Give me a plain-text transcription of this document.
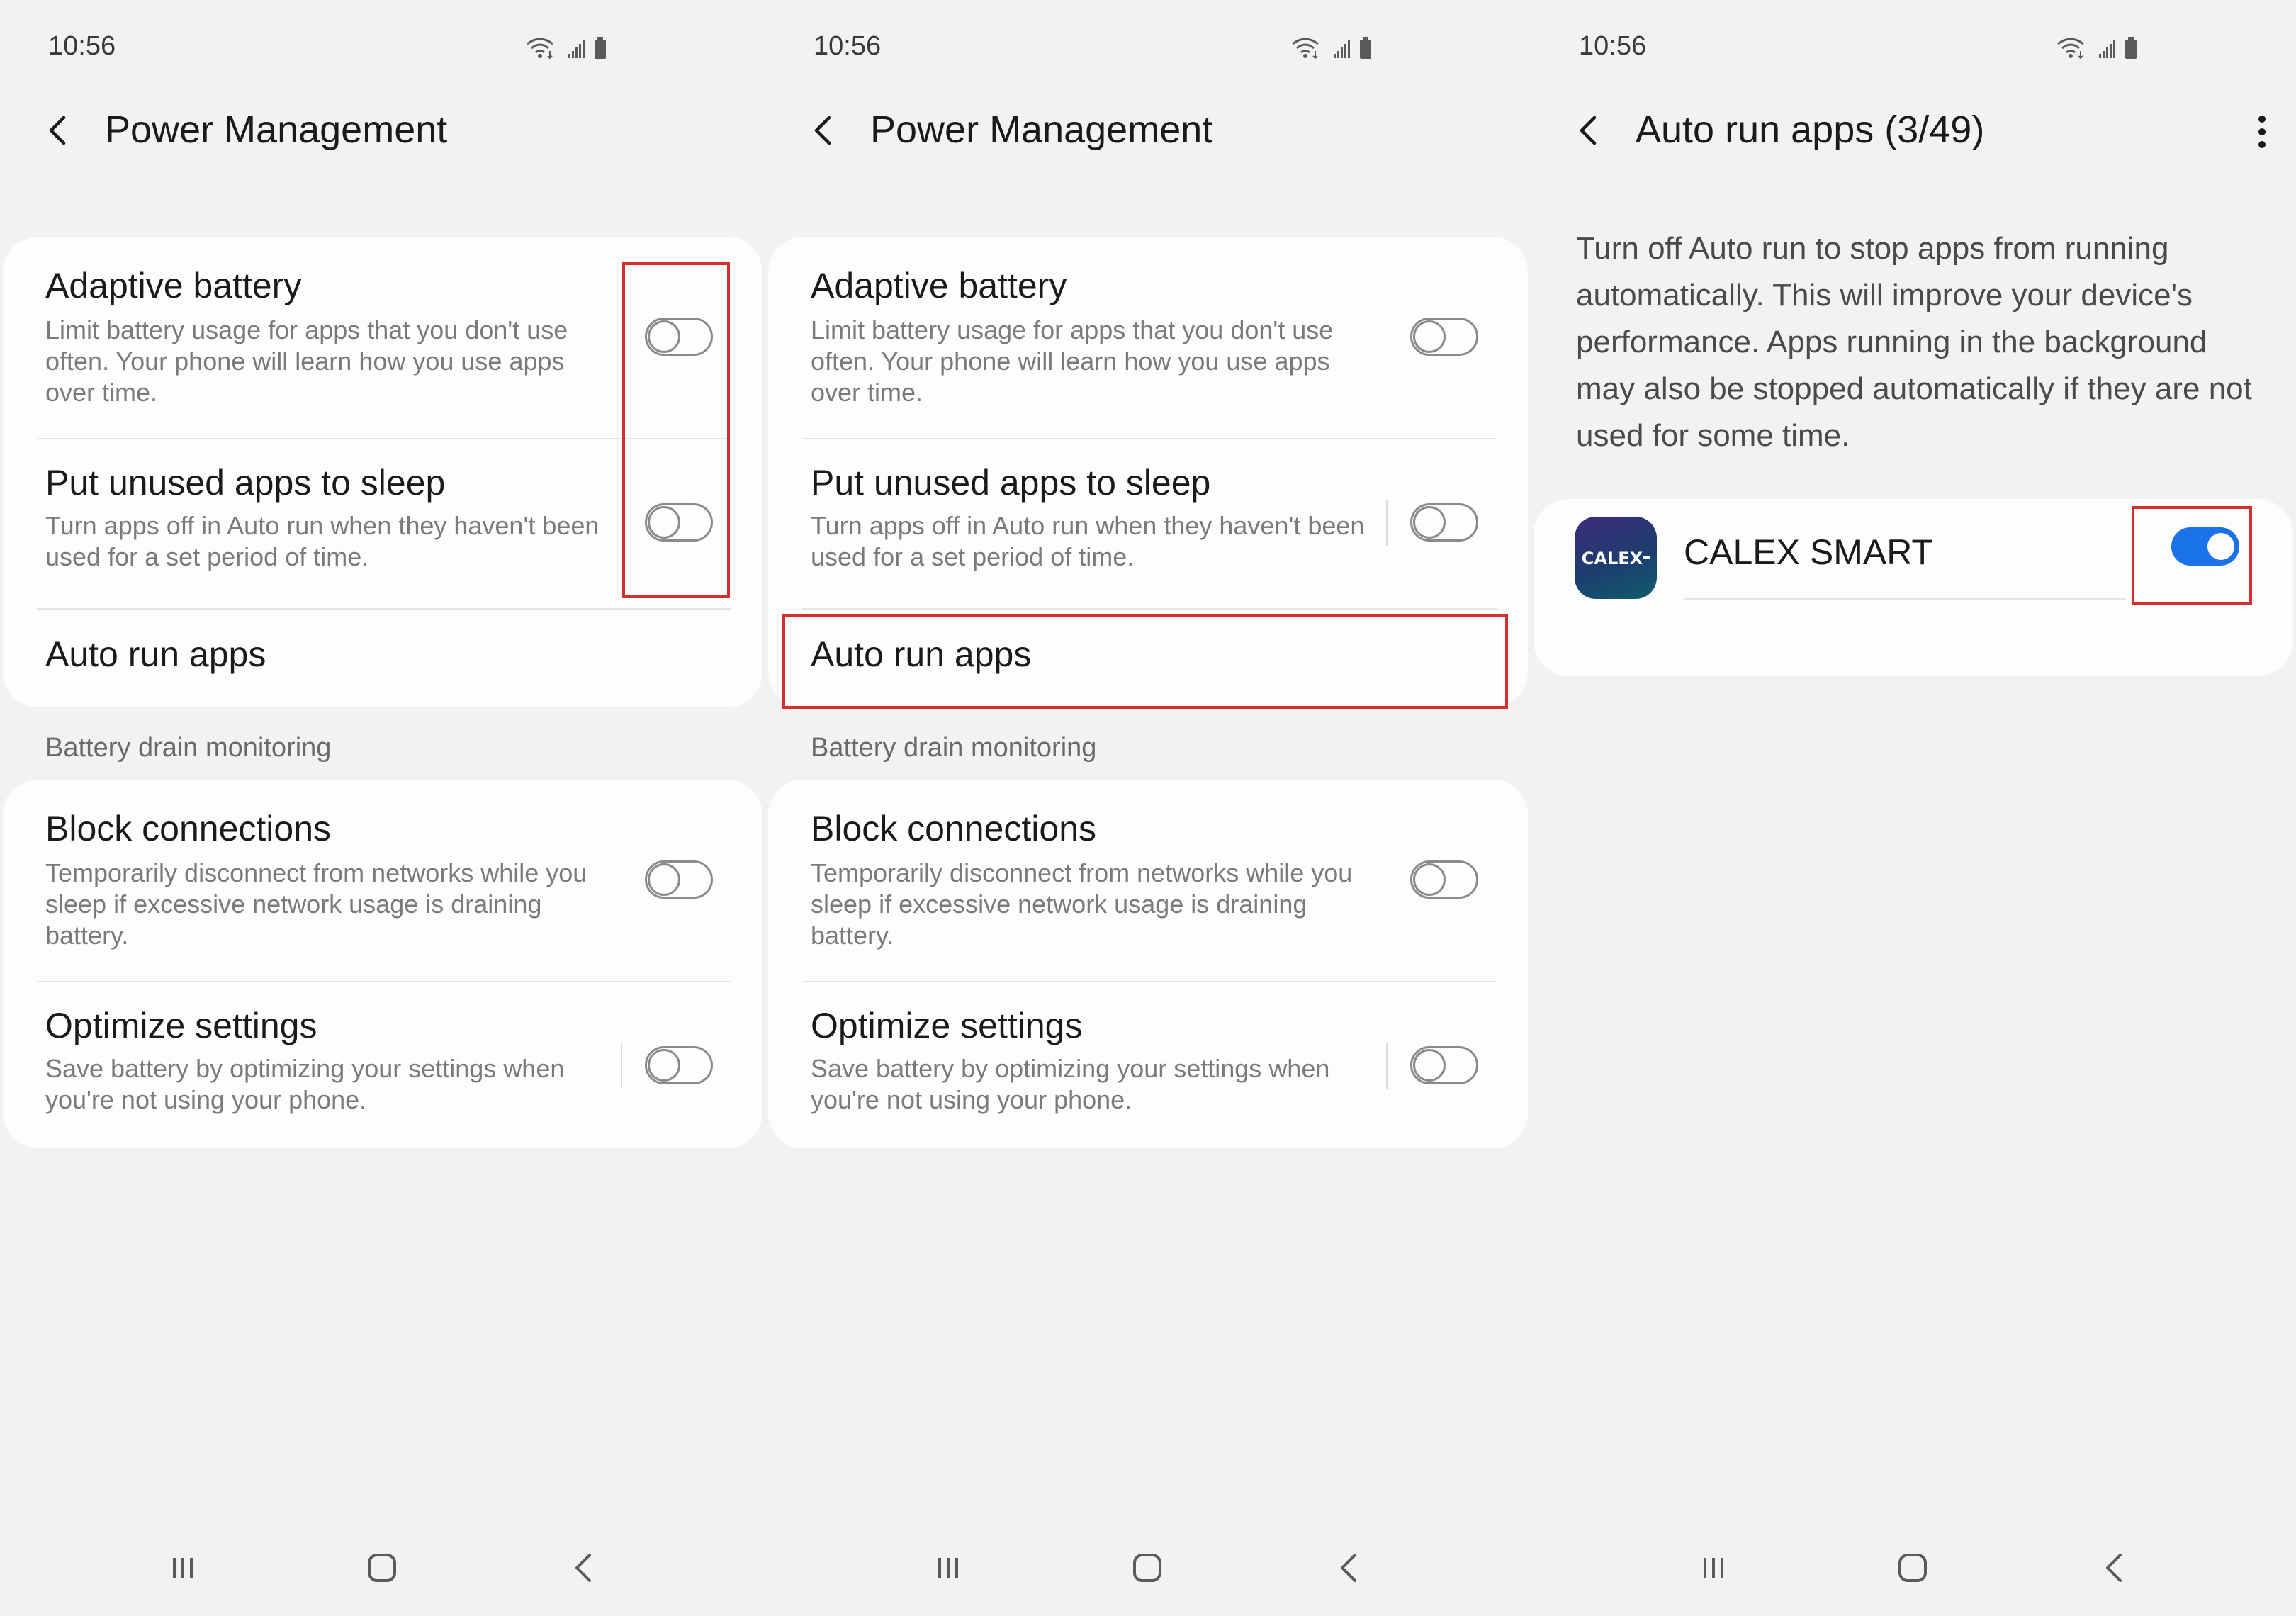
10:56
Power Management
Adaptive battery
Limit battery usage for apps that you don't use often. Your phone will learn how you use apps over time.
Put unused apps to sleep
Turn apps off in Auto run when they haven't been used for a set period of time.
Auto run apps
Battery drain monitoring
Block connections
Temporarily disconnect from networks while you sleep if excessive network usage is draining battery.
Optimize settings
Save battery by optimizing your settings when you're not using your phone.
10:56
Power Management
Adaptive battery
Limit battery usage for apps that you don't use often. Your phone will learn how you use apps over time.
Put unused apps to sleep
Turn apps off in Auto run when they haven't been used for a set period of time.
Auto run apps
Battery drain monitoring
Block connections
Temporarily disconnect from networks while you sleep if excessive network usage is draining battery.
Optimize settings
Save battery by optimizing your settings when you're not using your phone.
10:56
Auto run apps (3/49)
Turn off Auto run to stop apps from running automatically. This will improve your device's performance. Apps running in the background may also be stopped automatically if they are not used for some time.
CALEX CALEX SMART
